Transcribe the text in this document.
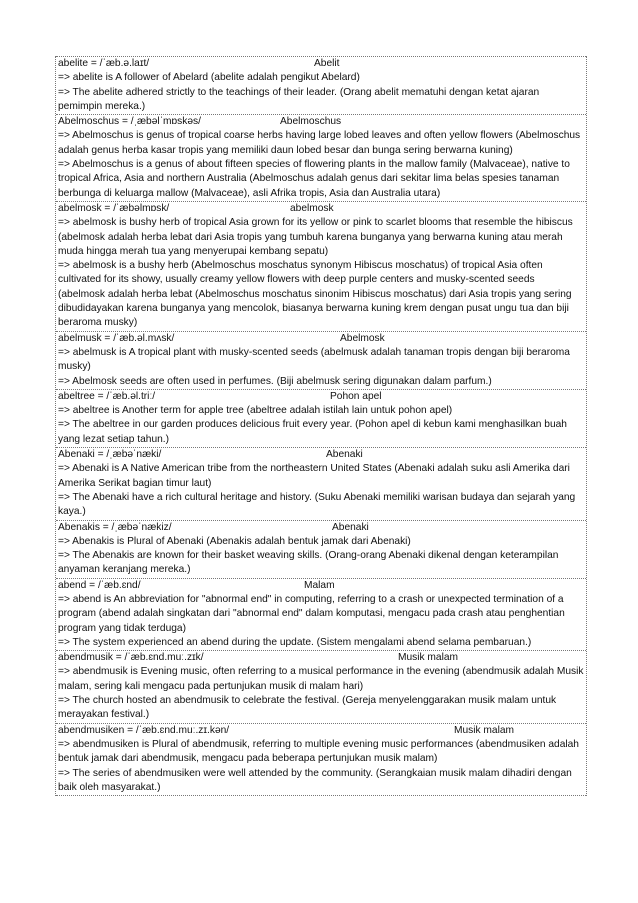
abelite = /ˈæb.ə.laɪt/	Abelit
=> abelite is A follower of Abelard (abelite adalah pengikut Abelard)
=> The abelite adhered strictly to the teachings of their leader. (Orang abelit mematuhi dengan ketat ajaran pemimpin mereka.)
Abelmoschus = /ˌæbəlˈmɒskəs/	Abelmoschus
=> Abelmoschus is genus of tropical coarse herbs having large lobed leaves and often yellow flowers (Abelmoschus adalah genus herba kasar tropis yang memiliki daun lobed besar dan bunga sering berwarna kuning)
=> Abelmoschus is a genus of about fifteen species of flowering plants in the mallow family (Malvaceae), native to tropical Africa, Asia and northern Australia (Abelmoschus adalah genus dari sekitar lima belas spesies tanaman berbunga di keluarga mallow (Malvaceae), asli Afrika tropis, Asia dan Australia utara)
abelmosk = /ˈæbəlmɒsk/	abelmosk
=> abelmosk is bushy herb of tropical Asia grown for its yellow or pink to scarlet blooms that resemble the hibiscus (abelmosk adalah herba lebat dari Asia tropis yang tumbuh karena bunganya yang berwarna kuning atau merah muda hingga merah tua yang menyerupai kembang sepatu)
=> abelmosk is a bushy herb (Abelmoschus moschatus synonym Hibiscus moschatus) of tropical Asia often cultivated for its showy, usually creamy yellow flowers with deep purple centers and musky-scented seeds (abelmosk adalah herba lebat (Abelmoschus moschatus sinonim Hibiscus moschatus) dari Asia tropis yang sering dibudidayakan karena bunganya yang mencolok, biasanya berwarna kuning krem dengan pusat ungu tua dan biji beraroma musky)
abelmusk = /ˈæb.əl.mʌsk/	Abelmosk
=> abelmusk is A tropical plant with musky-scented seeds (abelmusk adalah tanaman tropis dengan biji beraroma musky)
=> Abelmosk seeds are often used in perfumes. (Biji abelmusk sering digunakan dalam parfum.)
abeltree = /ˈæb.əl.triː/	Pohon apel
=> abeltree is Another term for apple tree (abeltree adalah istilah lain untuk pohon apel)
=> The abeltree in our garden produces delicious fruit every year. (Pohon apel di kebun kami menghasilkan buah yang lezat setiap tahun.)
Abenaki = /ˌæbəˈnæki/	Abenaki
=> Abenaki is A Native American tribe from the northeastern United States (Abenaki adalah suku asli Amerika dari Amerika Serikat bagian timur laut)
=> The Abenaki have a rich cultural heritage and history. (Suku Abenaki memiliki warisan budaya dan sejarah yang kaya.)
Abenakis = /ˌæbəˈnækiz/	Abenaki
=> Abenakis is Plural of Abenaki (Abenakis adalah bentuk jamak dari Abenaki)
=> The Abenakis are known for their basket weaving skills. (Orang-orang Abenaki dikenal dengan keterampilan anyaman keranjang mereka.)
abend = /ˈæb.ɛnd/	Malam
=> abend is An abbreviation for "abnormal end" in computing, referring to a crash or unexpected termination of a program (abend adalah singkatan dari "abnormal end" dalam komputasi, mengacu pada crash atau penghentian program yang tidak terduga)
=> The system experienced an abend during the update. (Sistem mengalami abend selama pembaruan.)
abendmusik = /ˈæb.ɛnd.muː.zɪk/	Musik malam
=> abendmusik is Evening music, often referring to a musical performance in the evening (abendmusik adalah Musik malam, sering kali mengacu pada pertunjukan musik di malam hari)
=> The church hosted an abendmusik to celebrate the festival. (Gereja menyelenggarakan musik malam untuk merayakan festival.)
abendmusiken = /ˈæb.ɛnd.muː.zɪ.kən/	Musik malam
=> abendmusiken is Plural of abendmusik, referring to multiple evening music performances (abendmusiken adalah bentuk jamak dari abendmusik, mengacu pada beberapa pertunjukan musik malam)
=> The series of abendmusiken were well attended by the community. (Serangkaian musik malam dihadiri dengan baik oleh masyarakat.)
